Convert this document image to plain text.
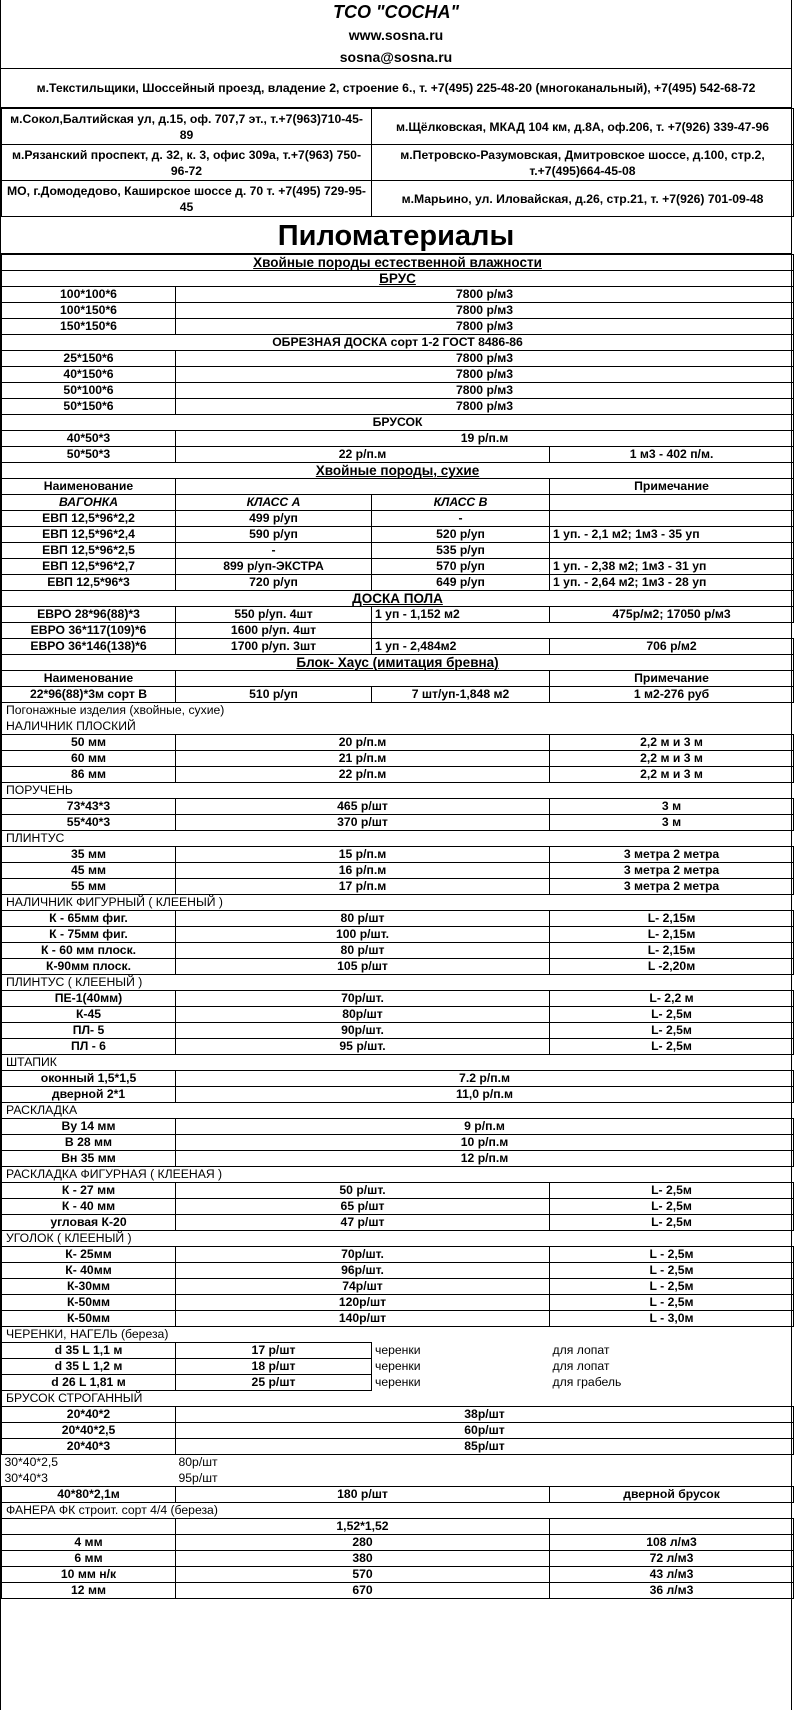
ТСО "СОСНА"
www.sosna.ru
sosna@sosna.ru
м.Текстильщики, Шоссейный проезд, владение 2, строение 6., т. +7(495) 225-48-20 (многоканальный), +7(495) 542-68-72
м.Сокол,Балтийская ул, д.15, оф. 707,7 эт., т.+7(963)710-45-89	м.Щёлковская, МКАД 104 км, д.8А, оф.206, т. +7(926) 339-47-96
м.Рязанский проспект, д. 32, к. 3, офис 309а, т.+7(963) 750-96-72	м.Петровско-Разумовская, Дмитровское шоссе, д.100, стр.2, т.+7(495)664-45-08
МО, г.Домодедово, Каширское шоссе д. 70 т. +7(495) 729-95-45	м.Марьино, ул. Иловайская, д.26, стр.21, т. +7(926) 701-09-48
Пиломатериалы
Хвойные породы естественной влажности			
БРУС			
100*100*6	7800 р/м3		
100*150*6	7800 р/м3		
150*150*6	7800 р/м3		
ОБРЕЗНАЯ ДОСКА сорт 1-2 ГОСТ 8486-86			
25*150*6	7800 р/м3		
40*150*6	7800 р/м3		
50*100*6	7800 р/м3		
50*150*6	7800 р/м3		
БРУСОК			
40*50*3	19 р/п.м		
50*50*3	22 р/п.м		1 м3 - 402 п/м.
Хвойные породы, сухие			
Наименование			Примечание
ВАГОНКА	КЛАСС А	КЛАСС В	
ЕВП 12,5*96*2,2	499 р/уп	-	
ЕВП 12,5*96*2,4	590 р/уп	520 р/уп	1 уп. - 2,1 м2; 1м3 - 35 уп
ЕВП 12,5*96*2,5	-	535 р/уп	
ЕВП 12,5*96*2,7	899 р/уп-ЭКСТРА	570 р/уп	1 уп. - 2,38 м2; 1м3 - 31 уп
ЕВП 12,5*96*3	720 р/уп	649 р/уп	1 уп. - 2,64 м2; 1м3 - 28 уп
ДОСКА ПОЛА			
ЕВРО 28*96(88)*3	550 р/уп. 4шт	1 уп - 1,152 м2	475р/м2; 17050 р/м3
ЕВРО 36*117(109)*6	1600 р/уп. 4шт		
ЕВРО 36*146(138)*6	1700 р/уп. 3шт	1 уп - 2,484м2	706 р/м2
Блок- Хаус (имитация бревна)			
Наименование			Примечание
22*96(88)*3м сорт В	510 р/уп	7 шт/уп-1,848 м2	1 м2-276 руб
Погонажные изделия (хвойные, сухие)			
НАЛИЧНИК ПЛОСКИЙ			
50 мм	20 р/п.м		2,2 м и 3 м
60 мм	21 р/п.м		2,2 м и 3 м
86 мм	22 р/п.м		2,2 м и 3 м
ПОРУЧЕНЬ			
73*43*3	465 р/шт		3 м
55*40*3	370 р/шт		3 м
ПЛИНТУС			
35 мм	15 р/п.м		3 метра 2 метра
45 мм	16 р/п.м		3 метра 2 метра
55 мм	17 р/п.м		3 метра 2 метра
НАЛИЧНИК ФИГУРНЫЙ ( КЛЕЕНЫЙ )			
К - 65мм фиг.	80 р/шт		L- 2,15м
К - 75мм фиг.	100 р/шт.		L- 2,15м
К - 60 мм плоск.	80 р/шт		L- 2,15м
К-90мм плоск.	105 р/шт		L -2,20м
ПЛИНТУС ( КЛЕЕНЫЙ )			
ПЕ-1(40мм)	70р/шт.		L- 2,2 м
К-45	80р/шт		L- 2,5м
ПЛ- 5	90р/шт.		L- 2,5м
ПЛ - 6	95 р/шт.		L- 2,5м
ШТАПИК			
оконный 1,5*1,5	7.2 р/п.м		
дверной 2*1	11,0 р/п.м		
РАСКЛАДКА			
Ву 14 мм	9 р/п.м		
В 28 мм	10 р/п.м		
Вн 35 мм	12 р/п.м		
РАСКЛАДКА ФИГУРНАЯ ( КЛЕЕНАЯ )			
К - 27 мм	50 р/шт.		L- 2,5м
К - 40 мм	65 р/шт		L- 2,5м
угловая К-20	47 р/шт		L- 2,5м
УГОЛОК ( КЛЕЕНЫЙ )			
К- 25мм	70р/шт.		L - 2,5м
К- 40мм	96р/шт.		L - 2,5м
К-30мм	74р/шт		L - 2,5м
К-50мм	120р/шт		L - 2,5м
К-50мм	140р/шт		L - 3,0м
ЧЕРЕНКИ, НАГЕЛЬ (береза)			
d 35 L 1,1 м	17 р/шт	черенки	для лопат
d 35 L 1,2 м	18 р/шт	черенки	для лопат
d 26 L 1,81 м	25 р/шт	черенки	для грабель
БРУСОК СТРОГАННЫЙ			
20*40*2	38р/шт		
20*40*2,5	60р/шт		
20*40*3	85р/шт		
30*40*2,5	80р/шт		
30*40*3	95р/шт		
40*80*2,1м	180 р/шт		дверной брусок
ФАНЕРА ФК строит. сорт 4/4 (береза)			
	1,52*1,52		
4 мм	280		108 л/м3
6 мм	380		72 л/м3
10 мм н/к	570		43 л/м3
12 мм	670		36 л/м3
